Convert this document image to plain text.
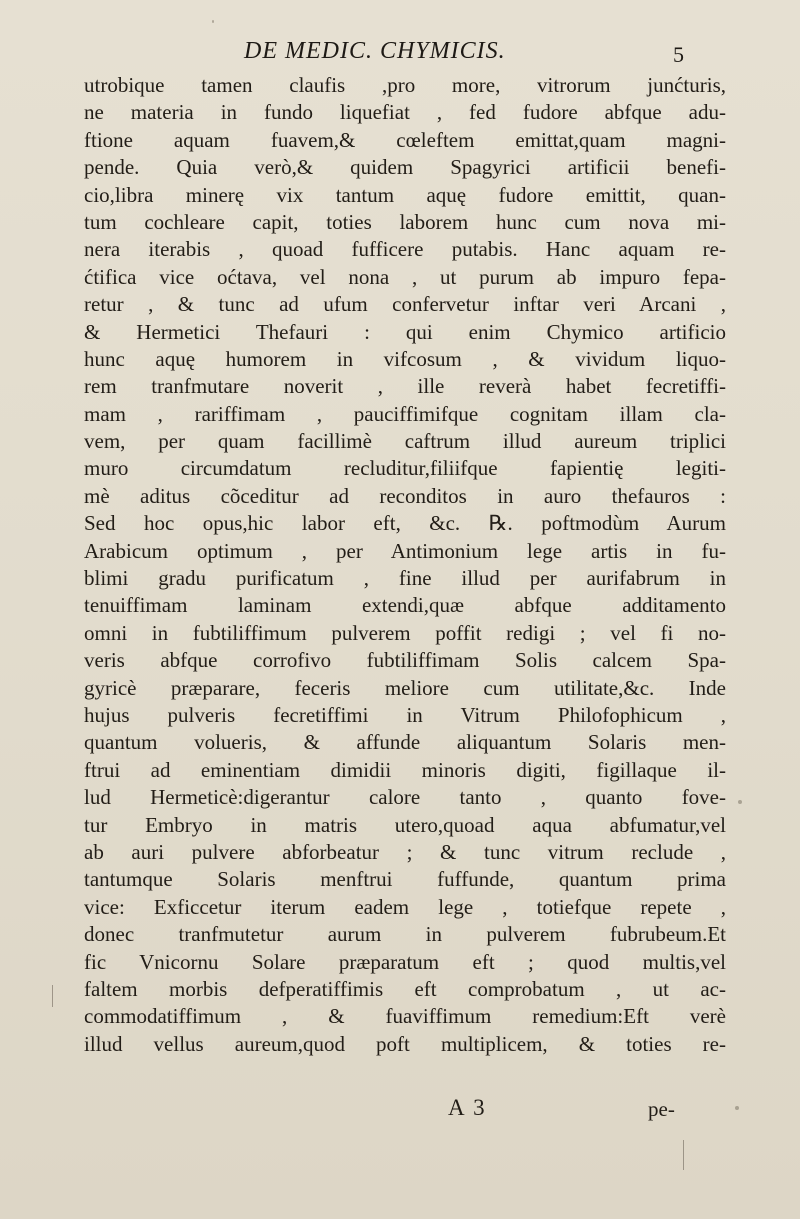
DE MEDIC. CHYMICIS.	5
utrobique tamen claufis ,pro more, vitrorum junćturis,
ne materia in fundo liquefiat , fed fudore abfque adu-
ftione aquam fuavem,& cœleftem emittat,quam magni-
pende. Quia verò,& quidem Spagyrici artificii benefi-
cio,libra minerę vix tantum aquę fudore emittit, quan-
tum cochleare capit, toties laborem hunc cum nova mi-
nera iterabis , quoad fufficere putabis. Hanc aquam re-
ćtifica vice oćtava, vel nona , ut purum ab impuro fepa-
retur , & tunc ad ufum confervetur inftar veri Arcani ,
& Hermetici Thefauri : qui enim Chymico artificio
hunc aquę humorem in vifcosum , & vividum liquo-
rem tranfmutare noverit , ille reverà habet fecretiffi-
mam , rariffimam , pauciffimifque cognitam illam cla-
vem, per quam facillimè caftrum illud aureum triplici
muro circumdatum recluditur,filiifque fapientię legiti-
mè aditus cõceditur ad reconditos in auro thefauros :
Sed hoc opus,hic labor eft, &c. ℞. poftmodùm Aurum
Arabicum optimum , per Antimonium lege artis in fu-
blimi gradu purificatum , fine illud per aurifabrum in
tenuiffimam laminam extendi,quæ abfque additamento
omni in fubtiliffimum pulverem poffit redigi ; vel fi no-
veris abfque corrofivo fubtiliffimam Solis calcem Spa-
gyricè præparare, feceris meliore cum utilitate,&c. Inde
hujus pulveris fecretiffimi in Vitrum Philofophicum ,
quantum volueris, & affunde aliquantum Solaris men-
ftrui ad eminentiam dimidii minoris digiti, figillaque il-
lud Hermeticè:digerantur calore tanto , quanto fove-
tur Embryo in matris utero,quoad aqua abfumatur,vel
ab auri pulvere abforbeatur ; & tunc vitrum reclude ,
tantumque Solaris menftrui fuffunde, quantum prima
vice: Exficcetur iterum eadem lege , totiefque repete ,
donec tranfmutetur aurum in pulverem fubrubeum.Et
fic Vnicornu Solare præparatum eft ; quod multis,vel
faltem morbis defperatiffimis eft comprobatum , ut ac-
commodatiffimum , & fuaviffimum remedium:Eft verè
illud vellus aureum,quod poft multiplicem, & toties re-
A 3	pe-
